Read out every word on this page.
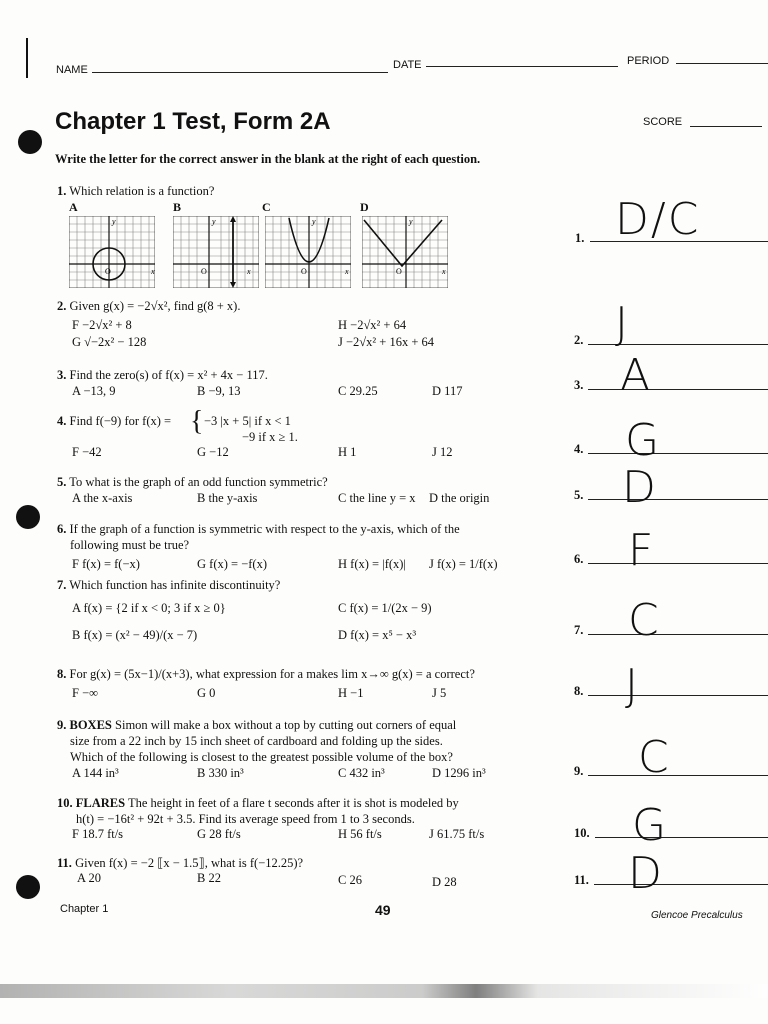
NAME	DATE	PERIOD
Chapter 1 Test, Form 2A	SCORE
Write the letter for the correct answer in the blank at the right of each question.
1. Which relation is a function?
A	B	C	D
O	x
y
O	x
y
O	x
y
O	x
y
2. Given g(x) = −2√x², find g(8 + x).
F −2√x² + 8
G √−2x² − 128
H −2√x² + 64
J −2√x² + 16x + 64
3. Find the zero(s) of f(x) = x² + 4x − 117.
A −13, 9	B −9, 13	C 29.25	D 117
4. Find f(−9) for f(x) = { −3 |x + 5| if x < 1
−9 if x ≥ 1.
F −42	G −12	H 1	J 12
5. To what is the graph of an odd function symmetric?
A the x-axis	B the y-axis	C the line y = x D the origin
6. If the graph of a function is symmetric with respect to the y-axis, which of the
following must be true?
F f(x) = f(−x)	G f(x) = −f(x)	H f(x) = |f(x)| J f(x) = 1/f(x)
7. Which function has infinite discontinuity?
A f(x) = {2 if x < 0; 3 if x ≥ 0}
B f(x) = (x² − 49)/(x − 7)
C f(x) = 1/(2x − 9)
D f(x) = x⁵ − x³
8. For g(x) = (5x−1)/(x+3), what expression for a makes lim x→∞ g(x) = a correct?
F −∞	G 0	H −1	J 5
9. BOXES Simon will make a box without a top by cutting out corners of equal
size from a 22 inch by 15 inch sheet of cardboard and folding up the sides.
Which of the following is closest to the greatest possible volume of the box?
A 144 in³	B 330 in³	C 432 in³	D 1296 in³
10. FLARES The height in feet of a flare t seconds after it is shot is modeled by
h(t) = −16t² + 92t + 3.5. Find its average speed from 1 to 3 seconds.
F 18.7 ft/s	G 28 ft/s	H 56 ft/s	J 61.75 ft/s
11. Given f(x) = −2 ⟦x − 1.5⟧, what is f(−12.25)?
A 20	B 22	C 26	D 28
1. D/C
2. J
3. A
4. G
5. D
6. F
7. C
8. J
9. C
10. G
11. D
Chapter 1	49	Glencoe Precalculus
